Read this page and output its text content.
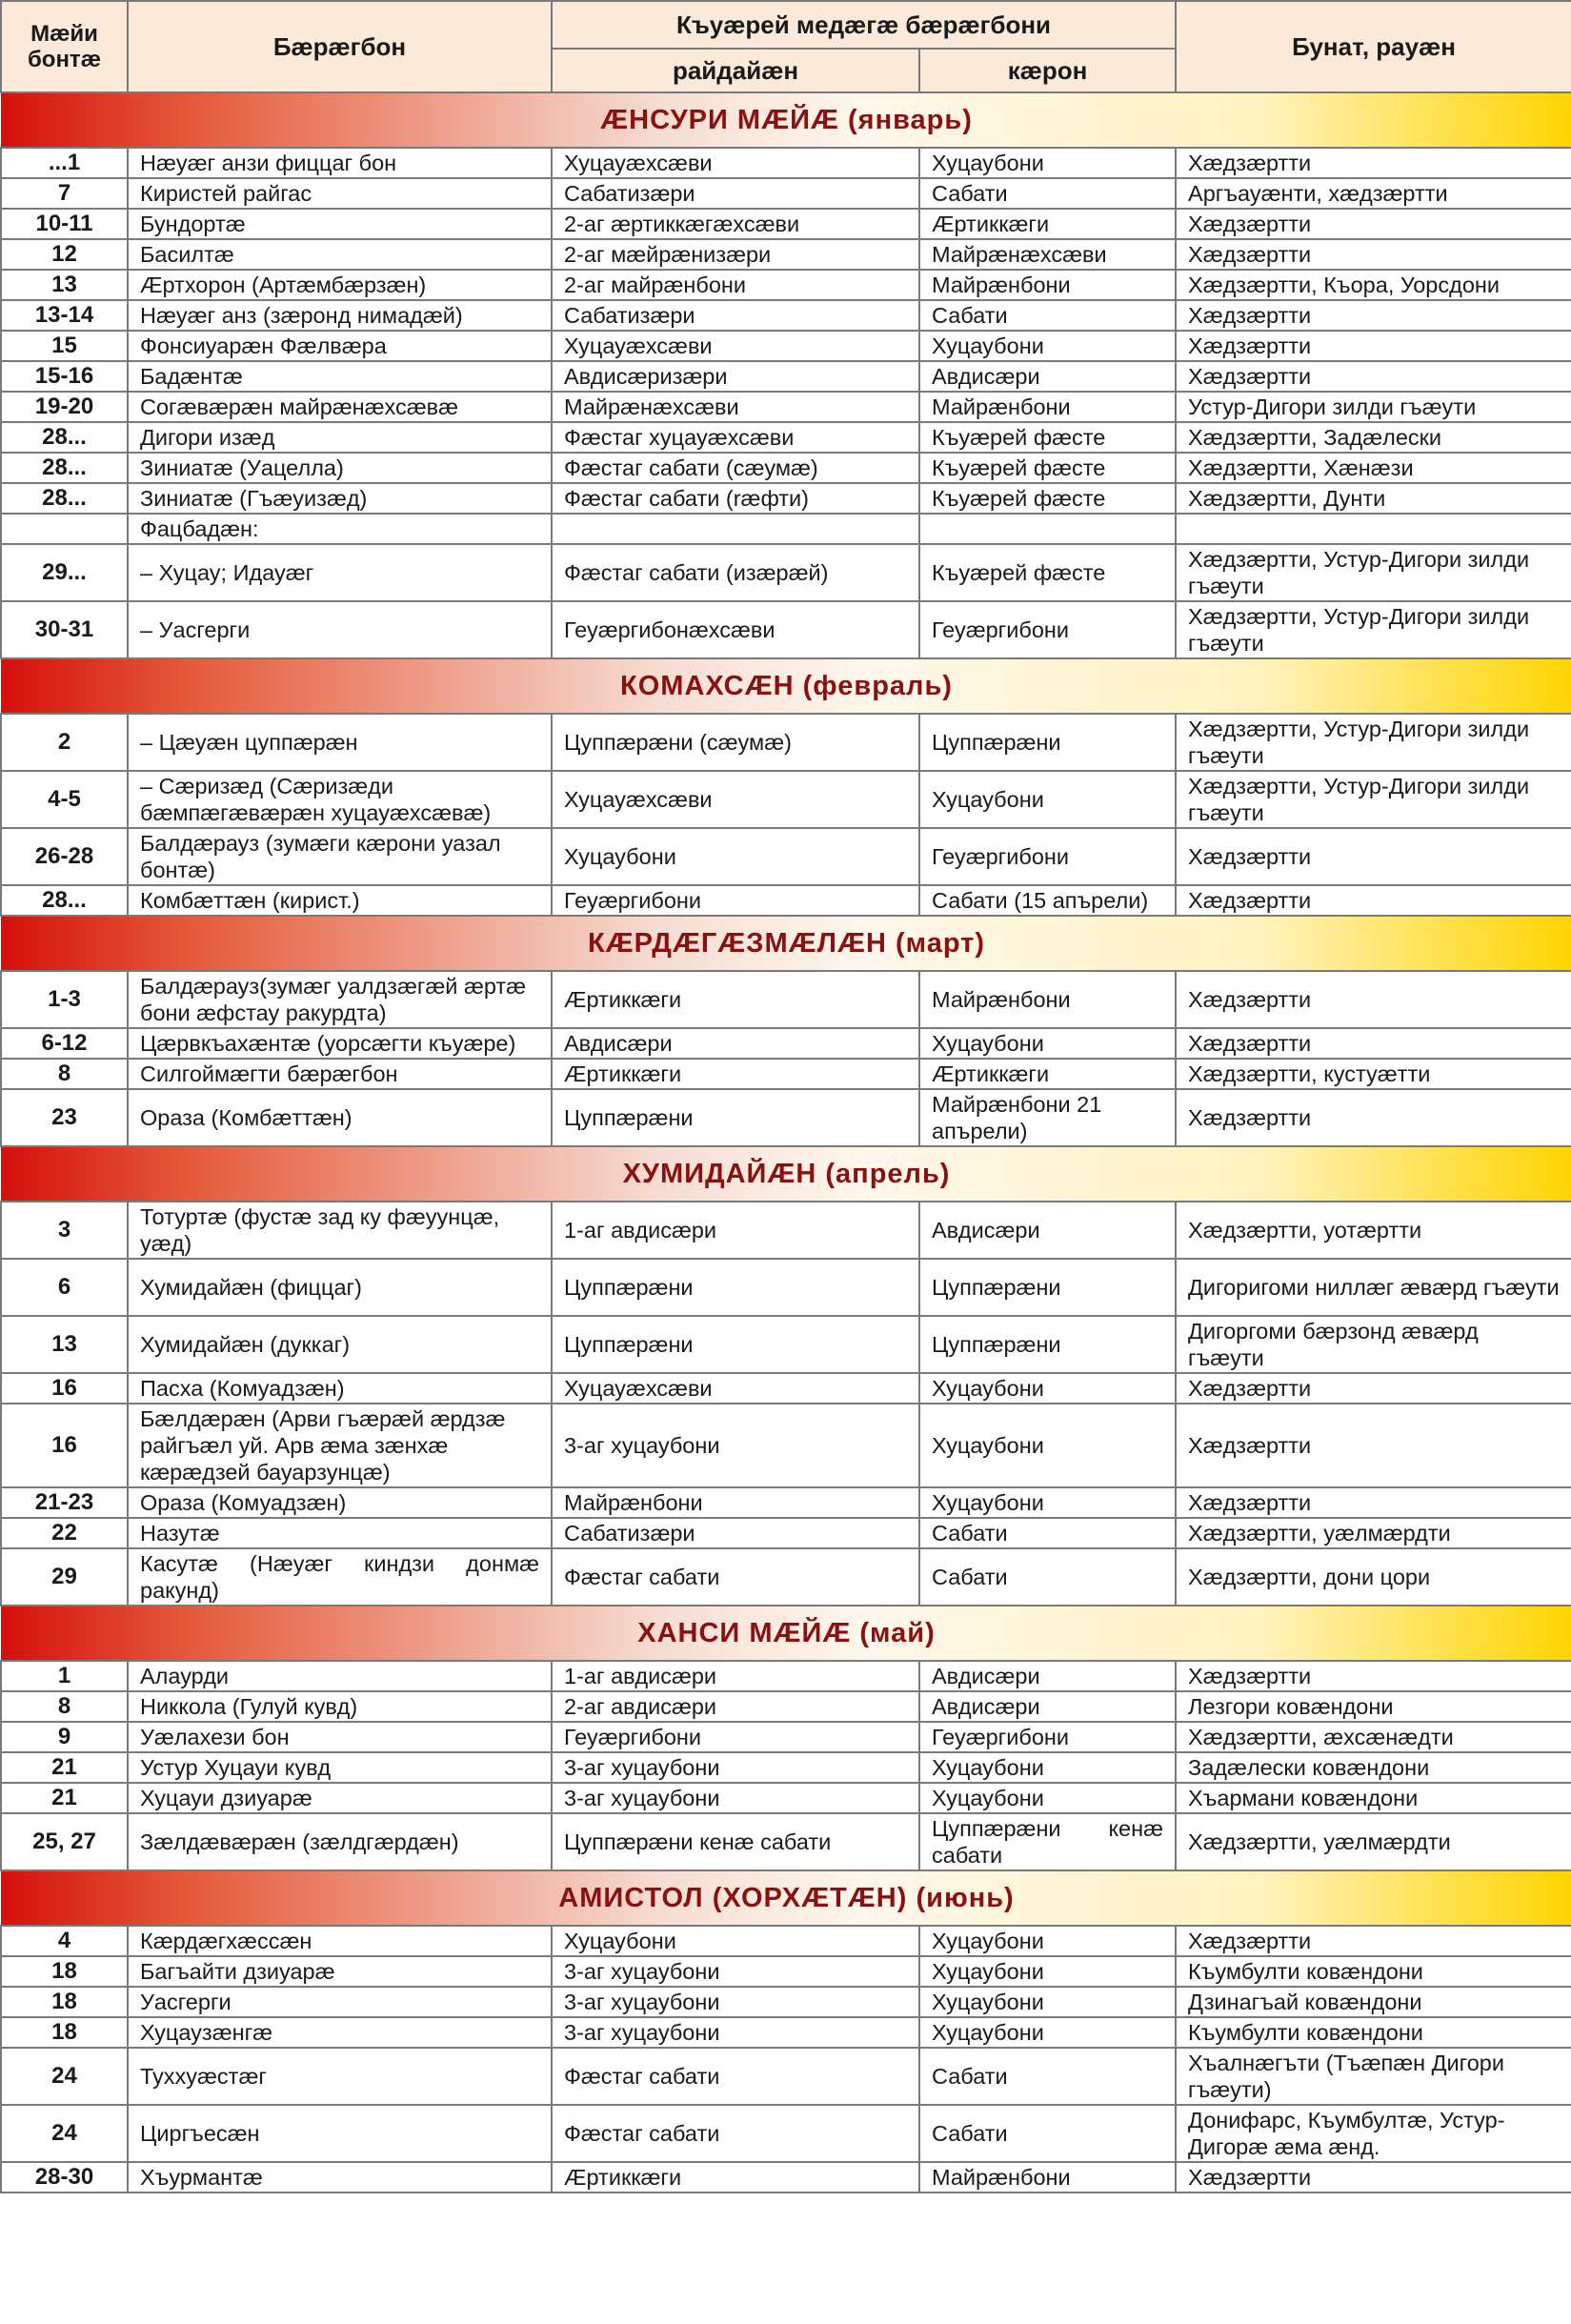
Мæйи бонтæ	Бæрæгбон	Къуæрей медæгæ бæрæгбони		Бунат, рауæн
		райдайæн	кæрон	
ÆНСУРИ МÆЙÆ (январь)				
...1	Нæуæг анзи фиццаг бон	Хуцауæхсæви	Хуцаубони	Хæдзæртти
7	Киристей райгас	Сабатизæри	Сабати	Аргъауæнти, хæдзæртти
10-11	Бундортæ	2-аг æртиккæгæхсæви	Æртиккæги	Хæдзæртти
12	Басилтæ	2-аг мæйрæнизæри	Майрæнæхсæви	Хæдзæртти
13	Æртхорон (Артæмбæрзæн)	2-аг майрæнбони	Майрæнбони	Хæдзæртти, Къора, Уорсдони
13-14	Нæуæг анз (зæронд нимадæй)	Сабатизæри	Сабати	Хæдзæртти
15	Фонсиуарæн Фæлвæра	Хуцауæхсæви	Хуцаубони	Хæдзæртти
15-16	Бадæнтæ	Авдисæризæри	Авдисæри	Хæдзæртти
19-20	Согæвæрæн майрæнæхсæвæ	Майрæнæхсæви	Майрæнбони	Устур-Дигори зилди гъæути
28...	Дигори изæд	Фæстаг хуцауæхсæви	Къуæрей фæсте	Хæдзæртти, Задæлески
28...	Зиниатæ (Уацелла)	Фæстаг сабати (сæумæ)	Къуæрей фæсте	Хæдзæртти, Хæнæзи
28...	Зиниатæ (Гъæуизæд)	Фæстаг сабати (ræфти)	Къуæрей фæсте	Хæдзæртти, Дунти
	Фацбадæн:			
29...	– Хуцау; Идауæг	Фæстаг сабати (изæрæй)	Къуæрей фæсте	Хæдзæртти, Устур-Дигори зилди гъæути
30-31	– Уасгерги	Геуæргибонæхсæви	Геуæргибони	Хæдзæртти, Устур-Дигори зилди гъæути
КОМАХСÆН (февраль)				
2	– Цæуæн цуппæрæн	Цуппæрæни (сæумæ)	Цуппæрæни	Хæдзæртти, Устур-Дигори зилди гъæути
4-5	– Сæризæд (Сæризæди бæмпæгæвæрæн хуцауæхсæвæ)	Хуцауæхсæви	Хуцаубони	Хæдзæртти, Устур-Дигори зилди гъæути
26-28	Балдæрауз (зумæги кæрони уазал бонтæ)	Хуцаубони	Геуæргибони	Хæдзæртти
28...	Комбæттæн (кирист.)	Геуæргибони	Сабати (15 апърели)	Хæдзæртти
КÆРДÆГÆЗМÆЛÆН (март)				
1-3	Балдæрауз(зумæг уалдзæгæй æртæ бони æфстау ракурдта)	Æртиккæги	Майрæнбони	Хæдзæртти
6-12	Цæрвкъахæнтæ (уорсæгти къуæре)	Авдисæри	Хуцаубони	Хæдзæртти
8	Силгоймæгти бæрæгбон	Æртиккæги	Æртиккæги	Хæдзæртти, кустуæтти
23	Ораза (Комбæттæн)	Цуппæрæни	Майрæнбони 21 апърели)	Хæдзæртти
ХУМИДАЙÆН (апрель)				
3	Тотуртæ (фустæ зад ку фæуунцæ, уæд)	1-аг авдисæри	Авдисæри	Хæдзæртти, уотæртти
6	Хумидайæн (фиццаг)	Цуппæрæни	Цуппæрæни	Дигоригоми ниллæг æвæрд гъæути
13	Хумидайæн (дуккаг)	Цуппæрæни	Цуппæрæни	Дигоргоми бæрзонд æвæрд гъæути
16	Пасха (Комуадзæн)	Хуцауæхсæви	Хуцаубони	Хæдзæртти
16	Бæлдæрæн (Арви гъæрæй æрдзæ райгъæл уй. Арв æма зæнхæ кæрæдзей бауарзунцæ)	3-аг хуцаубони	Хуцаубони	Хæдзæртти
21-23	Ораза (Комуадзæн)	Майрæнбони	Хуцаубони	Хæдзæртти
22	Назутæ	Сабатизæри	Сабати	Хæдзæртти, уæлмæрдти
29	Касутæ (Нæуæг киндзи донмæ ракунд)	Фæстаг сабати	Сабати	Хæдзæртти, дони цори
ХАНСИ МÆЙÆ (май)				
1	Алаурди	1-аг авдисæри	Авдисæри	Хæдзæртти
8	Никкола (Гулуй кувд)	2-аг авдисæри	Авдисæри	Лезгори ковæндони
9	Уæлахези бон	Геуæргибони	Геуæргибони	Хæдзæртти, æхсæнæдти
21	Устур Хуцауи кувд	3-аг хуцаубони	Хуцаубони	Задæлески ковæндони
21	Хуцауи дзиуарæ	3-аг хуцаубони	Хуцаубони	Хъармани ковæндони
25, 27	Зæлдæвæрæн (зæлдгæрдæн)	Цуппæрæни кенæ сабати	Цуппæрæни кенæ сабати	Хæдзæртти, уæлмæрдти
АМИСТОЛ (ХОРХÆТÆН) (июнь)				
4	Кæрдæгхæссæн	Хуцаубони	Хуцаубони	Хæдзæртти
18	Багъайти дзиуарæ	3-аг хуцаубони	Хуцаубони	Къумбулти ковæндони
18	Уасгерги	3-аг хуцаубони	Хуцаубони	Дзинагъай ковæндони
18	Хуцаузæнгæ	3-аг хуцаубони	Хуцаубони	Къумбулти ковæндони
24	Туххуæстæг	Фæстаг сабати	Сабати	Хъалнæгъти (Тъæпæн Дигори гъæути)
24	Циргъесæн	Фæстаг сабати	Сабати	Донифарс, Къумбултæ, Устур-Дигорæ æма æнд.
28-30	Хъурмантæ	Æртиккæги	Майрæнбони	Хæдзæртти
